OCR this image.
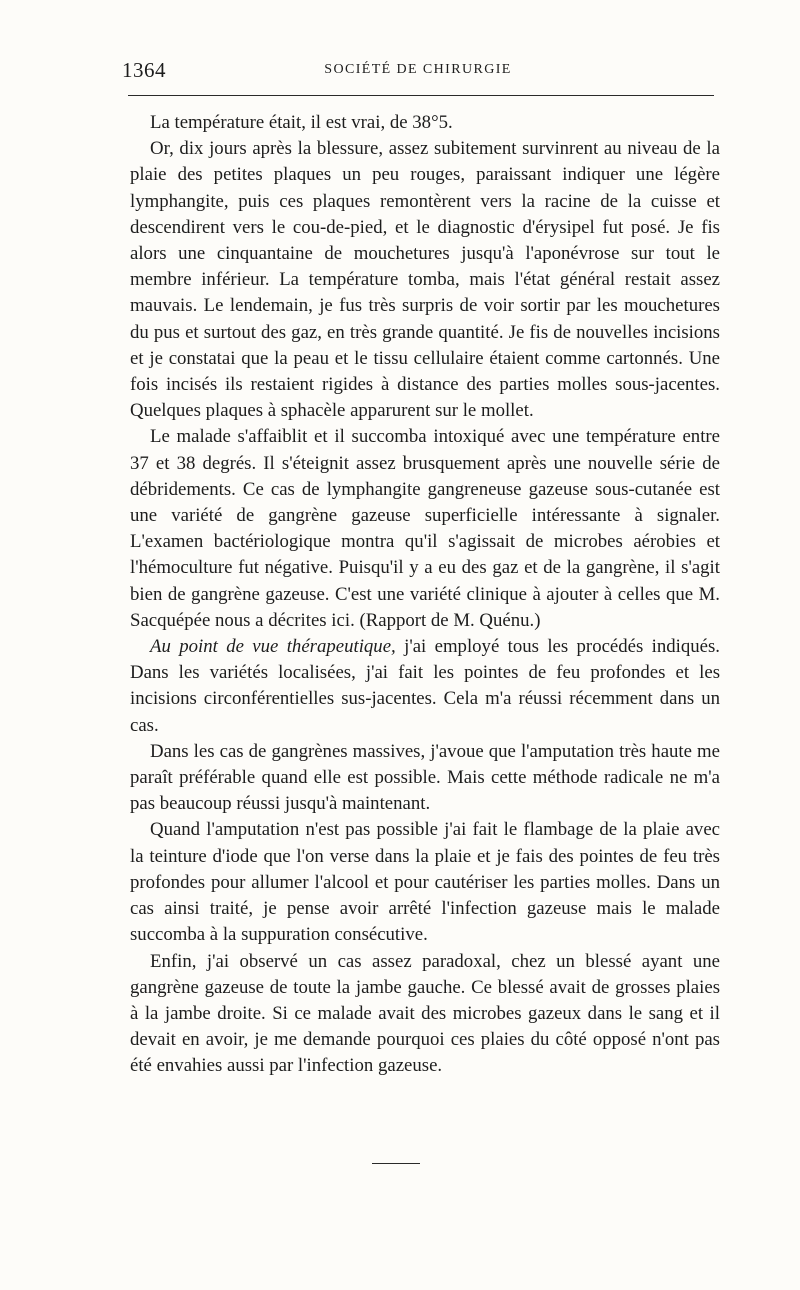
1364	SOCIÉTÉ DE CHIRURGIE

La température était, il est vrai, de 38°5.

Or, dix jours après la blessure, assez subitement survinrent au niveau de la plaie des petites plaques un peu rouges, paraissant indiquer une légère lymphangite, puis ces plaques remontèrent vers la racine de la cuisse et descendirent vers le cou-de-pied, et le diagnostic d'érysipel fut posé. Je fis alors une cinquantaine de mouchetures jusqu'à l'aponévrose sur tout le membre inférieur. La température tomba, mais l'état général restait assez mauvais. Le lendemain, je fus très surpris de voir sortir par les mouchetures du pus et surtout des gaz, en très grande quantité. Je fis de nouvelles incisions et je constatai que la peau et le tissu cellulaire étaient comme cartonnés. Une fois incisés ils restaient rigides à distance des parties molles sous-jacentes. Quelques plaques à sphacèle apparurent sur le mollet.

Le malade s'affaiblit et il succomba intoxiqué avec une température entre 37 et 38 degrés. Il s'éteignit assez brusquement après une nouvelle série de débridements. Ce cas de lymphangite gangreneuse gazeuse sous-cutanée est une variété de gangrène gazeuse superficielle intéressante à signaler. L'examen bactériologique montra qu'il s'agissait de microbes aérobies et l'hémoculture fut négative. Puisqu'il y a eu des gaz et de la gangrène, il s'agit bien de gangrène gazeuse. C'est une variété clinique à ajouter à celles que M. Sacquépée nous a décrites ici. (Rapport de M. Quénu.)

Au point de vue thérapeutique, j'ai employé tous les procédés indiqués. Dans les variétés localisées, j'ai fait les pointes de feu profondes et les incisions circonférentielles sus-jacentes. Cela m'a réussi récemment dans un cas.

Dans les cas de gangrènes massives, j'avoue que l'amputation très haute me paraît préférable quand elle est possible. Mais cette méthode radicale ne m'a pas beaucoup réussi jusqu'à maintenant.

Quand l'amputation n'est pas possible j'ai fait le flambage de la plaie avec la teinture d'iode que l'on verse dans la plaie et je fais des pointes de feu très profondes pour allumer l'alcool et pour cautériser les parties molles. Dans un cas ainsi traité, je pense avoir arrêté l'infection gazeuse mais le malade succomba à la suppuration consécutive.

Enfin, j'ai observé un cas assez paradoxal, chez un blessé ayant une gangrène gazeuse de toute la jambe gauche. Ce blessé avait de grosses plaies à la jambe droite. Si ce malade avait des microbes gazeux dans le sang et il devait en avoir, je me demande pourquoi ces plaies du côté opposé n'ont pas été envahies aussi par l'infection gazeuse.
